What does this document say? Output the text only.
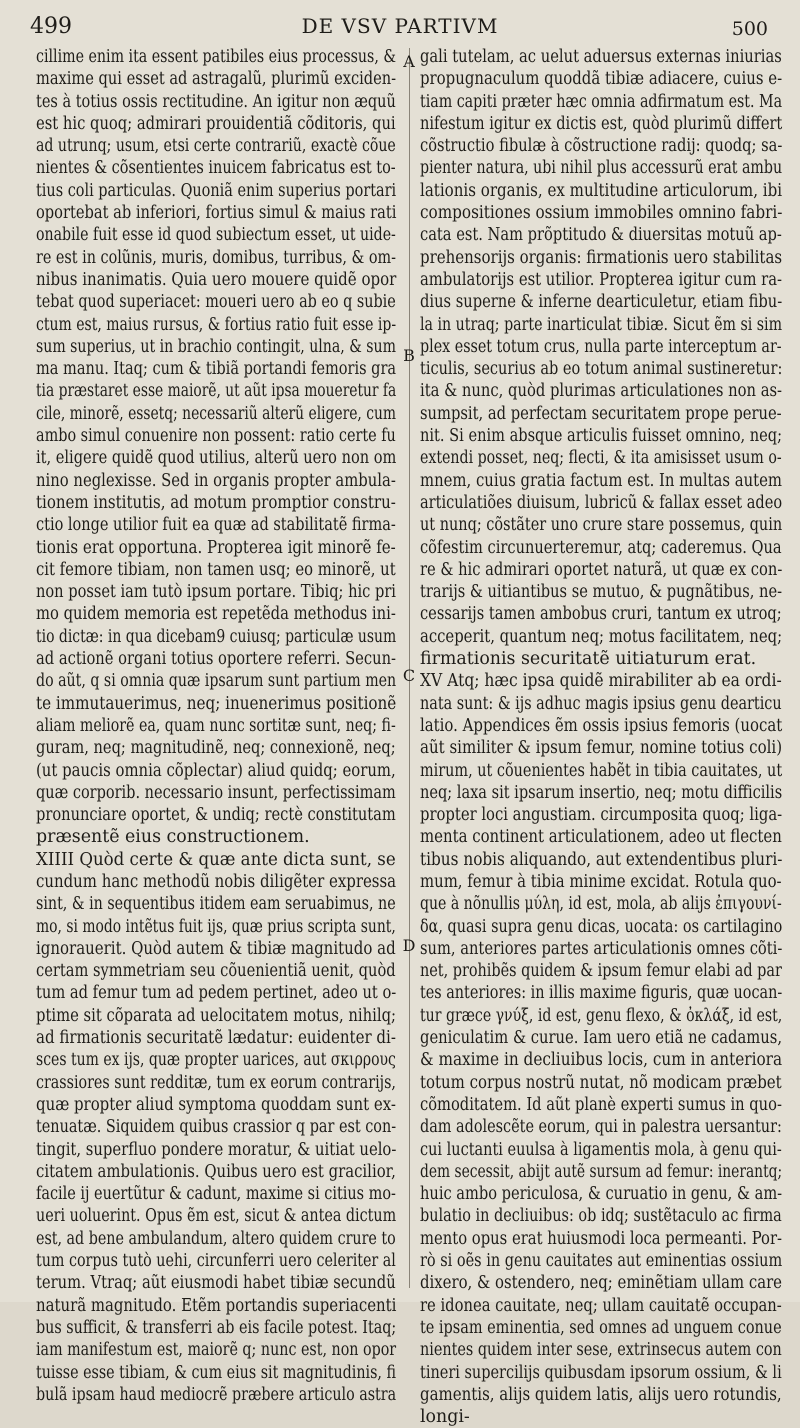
499	DE VSV PARTIVM	500
A
B
C
D
cillime enim ita essent patibiles eius processus, &
maxime qui esset ad astragalũ, plurimũ exciden-
tes à totius ossis rectitudine. An igitur non æquũ
est hic quoq; admirari prouidentiã cõditoris, qui
ad utrunq; usum, etsi certe contrariũ, exactè cõue
nientes & cõsentientes inuicem fabricatus est to-
tius coli particulas. Quoniã enim superius portari
oportebat ab inferiori, fortius simul & maius rati
onabile fuit esse id quod subiectum esset, ut uide-
re est in colũnis, muris, domibus, turribus, & om-
nibus inanimatis. Quia uero mouere quidẽ opor
tebat quod superiacet: moueri uero ab eo q subie
ctum est, maius rursus, & fortius ratio fuit esse ip-
sum superius, ut in brachio contingit, ulna, & sum
ma manu. Itaq; cum & tibiã portandi femoris gra
tia præstaret esse maiorẽ, ut aũt ipsa moueretur fa
cile, minorẽ, essetq; necessariũ alterũ eligere, cum
ambo simul conuenire non possent: ratio certe fu
it, eligere quidẽ quod utilius, alterũ uero non om
nino neglexisse. Sed in organis propter ambula-
tionem institutis, ad motum promptior constru-
ctio longe utilior fuit ea quæ ad stabilitatẽ firma-
tionis erat opportuna. Propterea igit minorẽ fe-
cit femore tibiam, non tamen usq; eo minorẽ, ut
non posset iam tutò ipsum portare. Tibiq; hic pri
mo quidem memoria est repetẽda methodus ini-
tio dictæ: in qua dicebam9 cuiusq; particulæ usum
ad actionẽ organi totius oportere referri. Secun-
do aũt, q si omnia quæ ipsarum sunt partium men
te immutauerimus, neq; inuenerimus positionẽ
aliam meliorẽ ea, quam nunc sortitæ sunt, neq; fi-
guram, neq; magnitudinẽ, neq; connexionẽ, neq;
(ut paucis omnia cõplectar) aliud quidq; eorum,
quæ corporib. necessario insunt, perfectissimam
pronunciare oportet, & undiq; rectè constitutam
præsentẽ eius constructionem.
XIIII Quòd certe & quæ ante dicta sunt, se
cundum hanc methodũ nobis diligẽter expressa
sint, & in sequentibus itidem eam seruabimus, ne
mo, si modo intẽtus fuit ijs, quæ prius scripta sunt,
ignorauerit. Quòd autem & tibiæ magnitudo ad
certam symmetriam seu cõuenientiã uenit, quòd
tum ad femur tum ad pedem pertinet, adeo ut o-
ptime sit cõparata ad uelocitatem motus, nihilq;
ad firmationis securitatẽ lædatur: euidenter di-
sces tum ex ijs, quæ propter uarices, aut σκιρρους
crassiores sunt redditæ, tum ex eorum contrarijs,
quæ propter aliud symptoma quoddam sunt ex-
tenuatæ. Siquidem quibus crassior q par est con-
tingit, superfluo pondere moratur, & uitiat uelo-
citatem ambulationis. Quibus uero est gracilior,
facile ij euertũtur & cadunt, maxime si citius mo-
ueri uoluerint. Opus ẽm est, sicut & antea dictum
est, ad bene ambulandum, altero quidem crure to
tum corpus tutò uehi, circunferri uero celeriter al
terum. Vtraq; aũt eiusmodi habet tibiæ secundũ
naturã magnitudo. Etẽm portandis superiacenti
bus sufficit, & transferri ab eis facile potest. Itaq;
iam manifestum est, maiorẽ q; nunc est, non opor
tuisse esse tibiam, & cum eius sit magnitudinis, fi
bulã ipsam haud mediocrẽ præbere articulo astra
gali tutelam, ac uelut aduersus externas iniurias
propugnaculum quoddã tibiæ adiacere, cuius e-
tiam capiti præter hæc omnia adfirmatum est. Ma
nifestum igitur ex dictis est, quòd plurimũ differt
cõstructio fibulæ à cõstructione radij: quodq; sa-
pienter natura, ubi nihil plus accessurũ erat ambu
lationis organis, ex multitudine articulorum, ibi
compositiones ossium immobiles omnino fabri-
cata est. Nam prõptitudo & diuersitas motuũ ap-
prehensorijs organis: firmationis uero stabilitas
ambulatorijs est utilior. Propterea igitur cum ra-
dius superne & inferne dearticuletur, etiam fibu-
la in utraq; parte inarticulat tibiæ. Sicut ẽm si sim
plex esset totum crus, nulla parte interceptum ar-
ticulis, securius ab eo totum animal sustineretur:
ita & nunc, quòd plurimas articulationes non as-
sumpsit, ad perfectam securitatem prope perue-
nit. Si enim absque articulis fuisset omnino, neq;
extendi posset, neq; flecti, & ita amisisset usum o-
mnem, cuius gratia factum est. In multas autem
articulatiões diuisum, lubricũ & fallax esset adeo
ut nunq; cõstãter uno crure stare possemus, quin
cõfestim circunuerteremur, atq; caderemus. Qua
re & hic admirari oportet naturã, ut quæ ex con-
trarijs & uitiantibus se mutuo, & pugnãtibus, ne-
cessarijs tamen ambobus cruri, tantum ex utroq;
acceperit, quantum neq; motus facilitatem, neq;
firmationis securitatẽ uitiaturum erat.
XV Atq; hæc ipsa quidẽ mirabiliter ab ea ordi-
nata sunt: & ijs adhuc magis ipsius genu dearticu
latio. Appendices ẽm ossis ipsius femoris (uocat
aũt similiter & ipsum femur, nomine totius coli)
mirum, ut cõuenientes habẽt in tibia cauitates, ut
neq; laxa sit ipsarum insertio, neq; motu difficilis
propter loci angustiam. circumposita quoq; liga-
menta continent articulationem, adeo ut flecten
tibus nobis aliquando, aut extendentibus pluri-
mum, femur à tibia minime excidat. Rotula quo-
que à nõnullis μύλη, id est, mola, ab alijs ἐπιγουνί-
δα, quasi supra genu dicas, uocata: os cartilagino
sum, anteriores partes articulationis omnes cõti-
net, prohibẽs quidem & ipsum femur elabi ad par
tes anteriores: in illis maxime figuris, quæ uocan-
tur græce γνύξ, id est, genu flexo, & ὀκλάξ, id est,
geniculatim & curue. Iam uero etiã ne cadamus,
& maxime in decliuibus locis, cum in anteriora
totum corpus nostrũ nutat, nõ modicam præbet
cõmoditatem. Id aũt planè experti sumus in quo-
dam adolescẽte eorum, qui in palestra uersantur:
cui luctanti euulsa à ligamentis mola, à genu qui-
dem secessit, abijt autẽ sursum ad femur: inerantq;
huic ambo periculosa, & curuatio in genu, & am-
bulatio in decliuibus: ob idq; sustẽtaculo ac firma
mento opus erat huiusmodi loca permeanti. Por-
rò si oẽs in genu cauitates aut eminentias ossium
dixero, & ostendero, neq; eminẽtiam ullam care
re idonea cauitate, neq; ullam cauitatẽ occupan-
te ipsam eminentia, sed omnes ad unguem conue
nientes quidem inter sese, extrinsecus autem con
tineri supercilijs quibusdam ipsorum ossium, & li
gamentis, alijs quidem latis, alijs uero rotundis,
longi-
